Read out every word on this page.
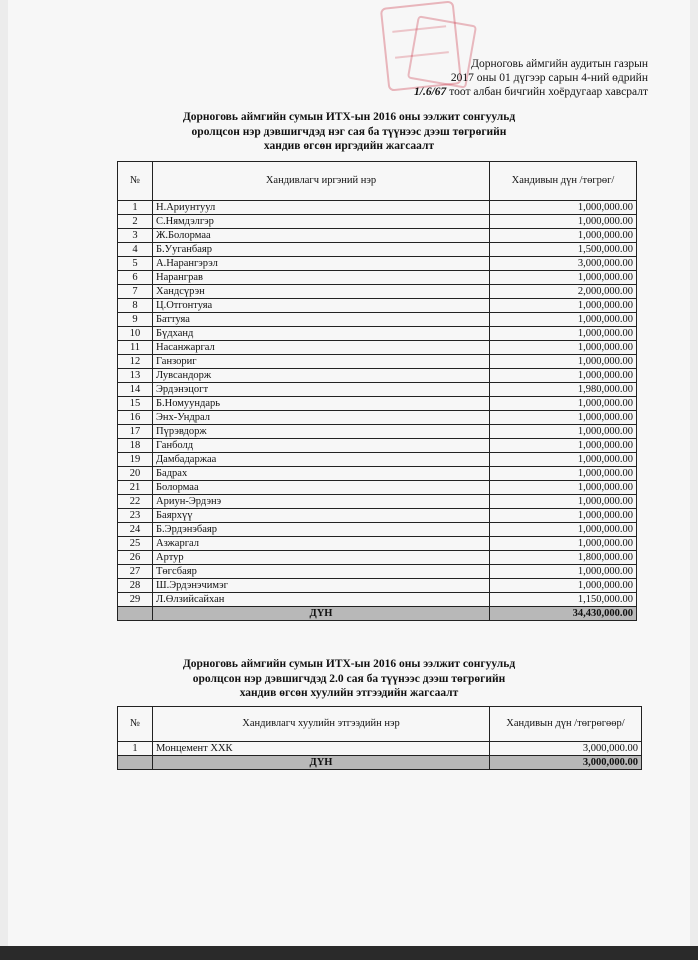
Дорноговь аймгийн аудитын газрын
2017 оны 01 дүгээр сарын 4-ний өдрийн
1/.6/67 тоот албан бичгийн хоёрдугаар хавсралт
Дорноговь аймгийн сумын ИТХ-ын 2016 оны ээлжит сонгуульд
оролцсон нэр дэвшигчдэд нэг сая ба түүнээс дээш төгрөгийн
хандив өгсөн иргэдийн жагсаалт
№	Хандивлагч иргэний нэр	Хандивын дүн /төгрөг/
1	Н.Ариунтуул	1,000,000.00
2	С.Нямдэлгэр	1,000,000.00
3	Ж.Болормаа	1,000,000.00
4	Б.Ууганбаяр	1,500,000.00
5	А.Нарангэрэл	3,000,000.00
6	Наранграв	1,000,000.00
7	Хандсүрэн	2,000,000.00
8	Ц.Отгонтуяа	1,000,000.00
9	Баттуяа	1,000,000.00
10	Бүдханд	1,000,000.00
11	Насанжаргал	1,000,000.00
12	Ганзориг	1,000,000.00
13	Лувсандорж	1,000,000.00
14	Эрдэнэцогт	1,980,000.00
15	Б.Номуундарь	1,000,000.00
16	Энх-Ундрал	1,000,000.00
17	Пүрэвдорж	1,000,000.00
18	Ганболд	1,000,000.00
19	Дамбадаржаа	1,000,000.00
20	Бадрах	1,000,000.00
21	Болормаа	1,000,000.00
22	Ариун-Эрдэнэ	1,000,000.00
23	Баярхүү	1,000,000.00
24	Б.Эрдэнэбаяр	1,000,000.00
25	Азжаргал	1,000,000.00
26	Артур	1,800,000.00
27	Төгсбаяр	1,000,000.00
28	Ш.Эрдэнэчимэг	1,000,000.00
29	Л.Өлзийсайхан	1,150,000.00
	ДҮН	34,430,000.00
Дорноговь аймгийн сумын ИТХ-ын 2016 оны ээлжит сонгуульд
оролцсон нэр дэвшигчдэд 2.0 сая ба түүнээс дээш төгрөгийн
хандив өгсөн хуулийн этгээдийн жагсаалт
№	Хандивлагч хуулийн этгээдийн нэр	Хандивын дүн /төгрөгөөр/
1	Монцемент ХХК	3,000,000.00
	ДҮН	3,000,000.00
